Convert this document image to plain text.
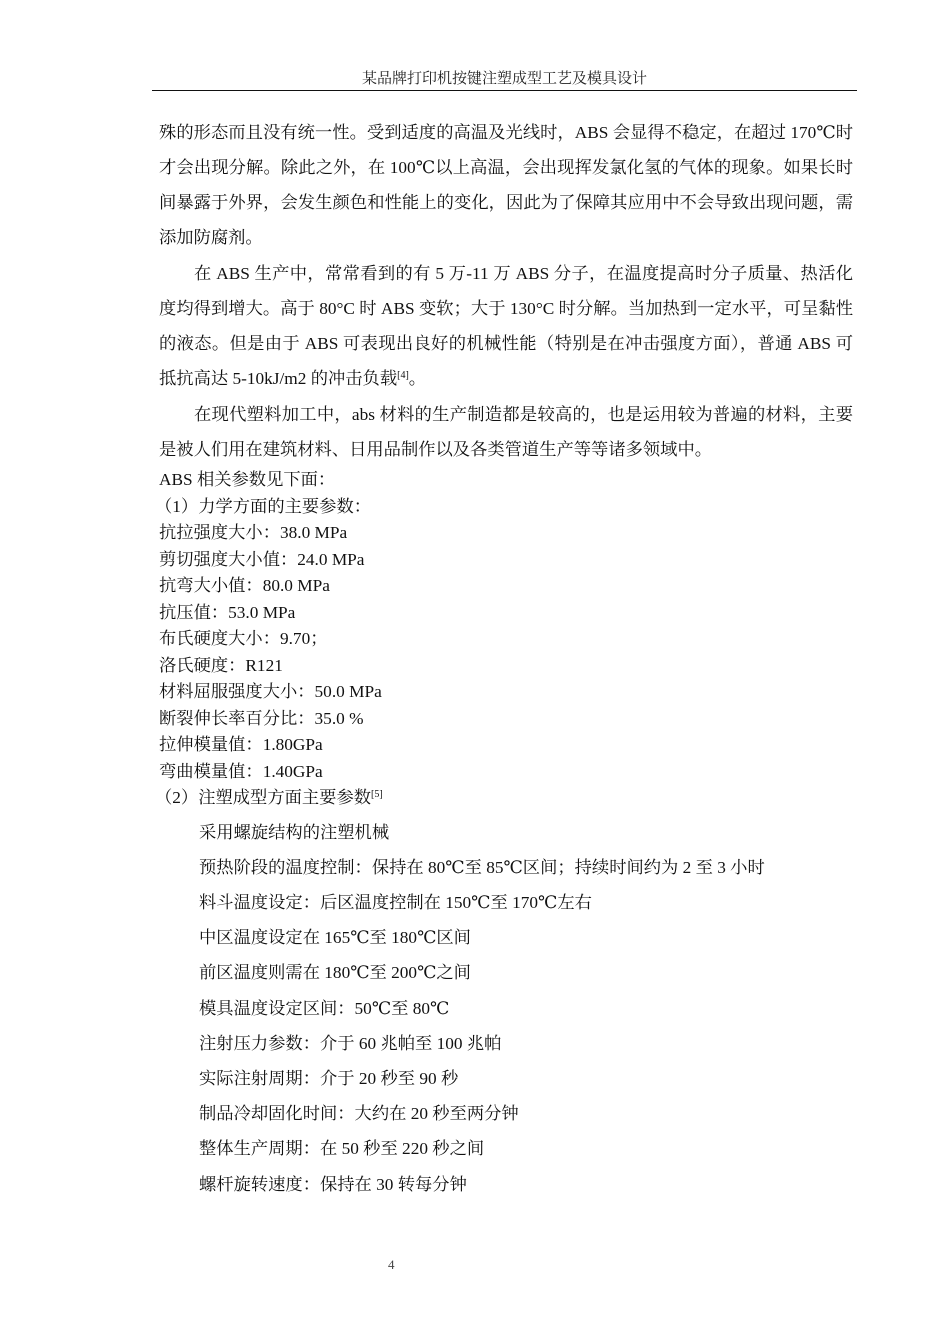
某品牌打印机按键注塑成型工艺及模具设计

殊的形态而且没有统一性。受到适度的高温及光线时，ABS 会显得不稳定，在超过 170℃时才会出现分解。除此之外，在 100℃以上高温，会出现挥发氯化氢的气体的现象。如果长时间暴露于外界，会发生颜色和性能上的变化，因此为了保障其应用中不会导致出现问题，需添加防腐剂。

在 ABS 生产中，常常看到的有 5 万-11 万 ABS 分子，在温度提高时分子质量、热活化度均得到增大。高于 80°C 时 ABS 变软；大于 130°C 时分解。当加热到一定水平，可呈黏性的液态。但是由于 ABS 可表现出良好的机械性能（特别是在冲击强度方面），普通 ABS 可抵抗高达 5-10kJ/m2 的冲击负载[4]。

在现代塑料加工中，abs 材料的生产制造都是较高的，也是运用较为普遍的材料，主要是被人们用在建筑材料、日用品制作以及各类管道生产等等诸多领域中。

ABS 相关参数见下面：

（1）力学方面的主要参数：

抗拉强度大小：38.0 MPa

剪切强度大小值：24.0 MPa

抗弯大小值：80.0 MPa

抗压值：53.0 MPa

布氏硬度大小：9.70；

洛氏硬度：R121

材料屈服强度大小：50.0 MPa

断裂伸长率百分比：35.0 %

拉伸模量值：1.80GPa

弯曲模量值：1.40GPa

（2）注塑成型方面主要参数[5]

采用螺旋结构的注塑机械

预热阶段的温度控制：保持在 80℃至 85℃区间；持续时间约为 2 至 3 小时

料斗温度设定：后区温度控制在 150℃至 170℃左右

中区温度设定在 165℃至 180℃区间

前区温度则需在 180℃至 200℃之间

模具温度设定区间：50℃至 80℃

注射压力参数：介于 60 兆帕至 100 兆帕

实际注射周期：介于 20 秒至 90 秒

制品冷却固化时间：大约在 20 秒至两分钟

整体生产周期：在 50 秒至 220 秒之间

螺杆旋转速度：保持在 30 转每分钟

4
